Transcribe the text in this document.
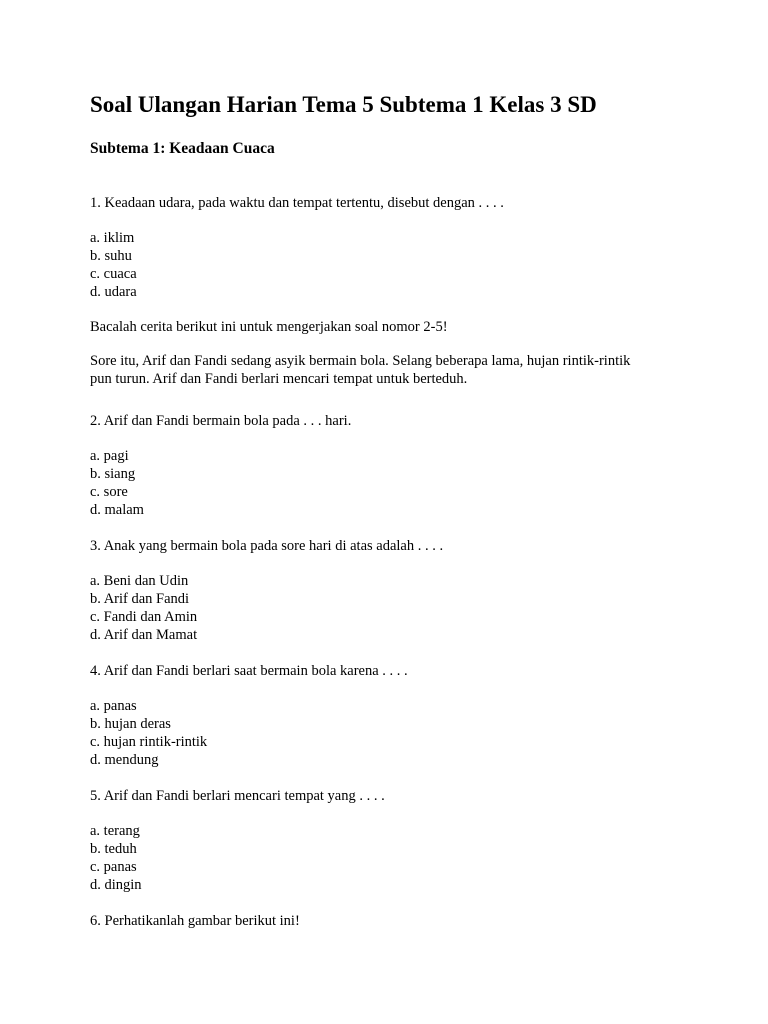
Soal Ulangan Harian Tema 5 Subtema 1 Kelas 3 SD
Subtema 1: Keadaan Cuaca

1. Keadaan udara, pada waktu dan tempat tertentu, disebut dengan . . . .

a. iklim

b. suhu

c. cuaca

d. udara

Bacalah cerita berikut ini untuk mengerjakan soal nomor 2-5!

Sore itu, Arif dan Fandi sedang asyik bermain bola. Selang beberapa lama, hujan rintik-rintik

pun turun. Arif dan Fandi berlari mencari tempat untuk berteduh.

2. Arif dan Fandi bermain bola pada . . . hari.

a. pagi

b. siang

c. sore

d. malam

3. Anak yang bermain bola pada sore hari di atas adalah . . . .

a. Beni dan Udin

b. Arif dan Fandi

c. Fandi dan Amin

d. Arif dan Mamat

4. Arif dan Fandi berlari saat bermain bola karena . . . .

a. panas

b. hujan deras

c. hujan rintik-rintik

d. mendung

5. Arif dan Fandi berlari mencari tempat yang . . . .

a. terang

b. teduh

c. panas

d. dingin

6. Perhatikanlah gambar berikut ini!
